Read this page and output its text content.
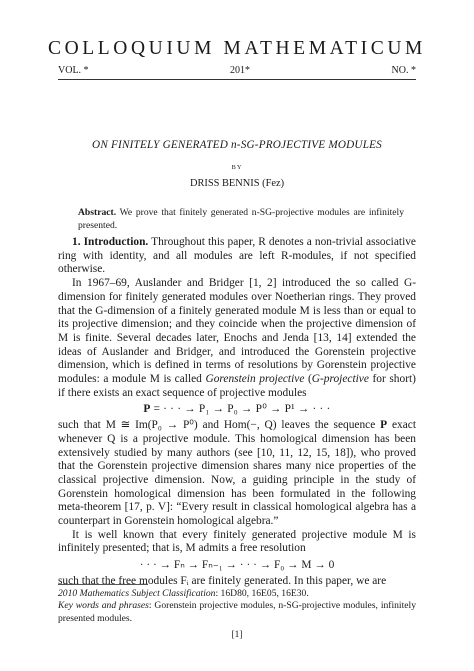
COLLOQUIUM MATHEMATICUM
VOL. *	201*	NO. *
ON FINITELY GENERATED n-SG-PROJECTIVE MODULES
BY
DRISS BENNIS (Fez)
Abstract. We prove that finitely generated n-SG-projective modules are infinitely presented.

1. Introduction. Throughout this paper, R denotes a non-trivial associative ring with identity, and all modules are left R-modules, if not specified otherwise.

In 1967–69, Auslander and Bridger [1, 2] introduced the so called G-dimension for finitely generated modules over Noetherian rings. They proved that the G-dimension of a finitely generated module M is less than or equal to its projective dimension; and they coincide when the projective dimension of M is finite. Several decades later, Enochs and Jenda [13, 14] extended the ideas of Auslander and Bridger, and introduced the Gorenstein projective dimension, which is defined in terms of resolutions by Gorenstein projective modules: a module M is called Gorenstein projective (G-projective for short) if there exists an exact sequence of projective modules

P = · · · → P₁ → P₀ → P⁰ → P¹ → · · ·

such that M ≅ Im(P₀ → P⁰) and Hom(−, Q) leaves the sequence P exact whenever Q is a projective module. This homological dimension has been extensively studied by many authors (see [10, 11, 12, 15, 18]), who proved that the Gorenstein projective dimension shares many nice properties of the classical projective dimension. Now, a guiding principle in the study of Gorenstein homological dimension has been formulated in the following meta-theorem [17, p. V]: “Every result in classical homological algebra has a counterpart in Gorenstein homological algebra.”

It is well known that every finitely generated projective module M is infinitely presented; that is, M admits a free resolution

· · · → Fₙ → Fₙ₋₁ → · · · → F₀ → M → 0

such that the free modules Fᵢ are finitely generated. In this paper, we are

2010 Mathematics Subject Classification: 16D80, 16E05, 16E30.
Key words and phrases: Gorenstein projective modules, n-SG-projective modules, infinitely presented modules.
[1]
